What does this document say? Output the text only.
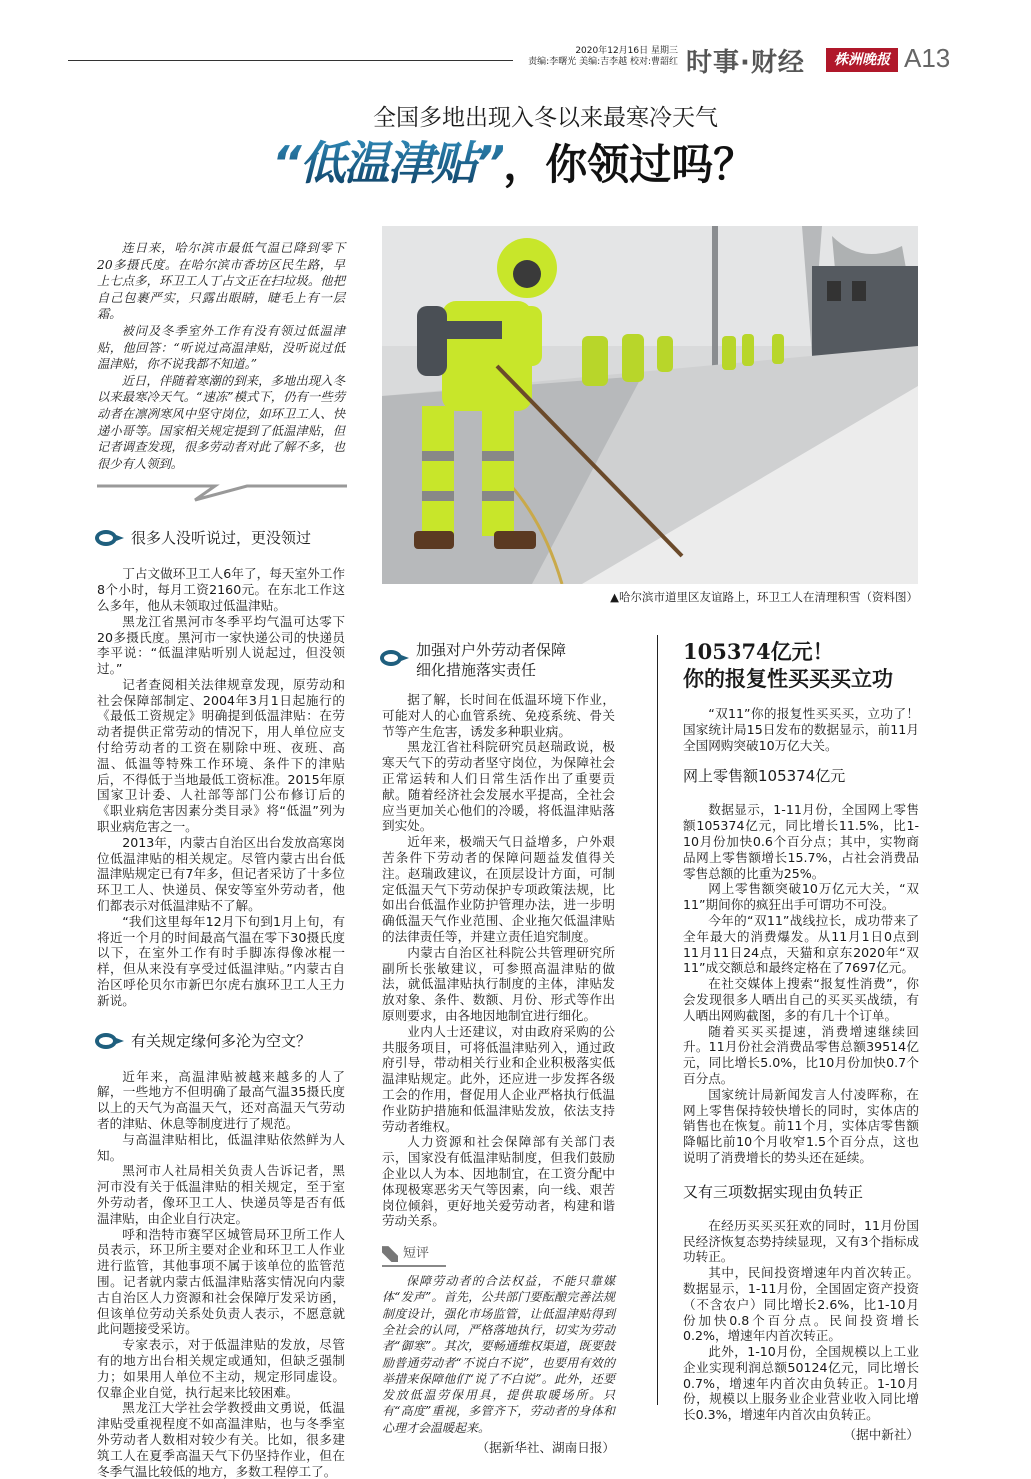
2020年12月16日 星期三
责编:李曙光 美编:吉李越 校对:曹韶红 时事·财经	株洲晚报 A13
全国多地出现入冬以来最寒冷天气
“低温津贴”，你领过吗？

连日来，哈尔滨市最低气温已降到零下20多摄氏度。在哈尔滨市香坊区民生路，早上七点多，环卫工人丁占文正在扫垃圾。他把自己包裹严实，只露出眼睛，睫毛上有一层霜。

被问及冬季室外工作有没有领过低温津贴，他回答：“听说过高温津贴，没听说过低温津贴，你不说我都不知道。”

近日，伴随着寒潮的到来，多地出现入冬以来最寒冷天气。“速冻”模式下，仍有一些劳动者在凛冽寒风中坚守岗位，如环卫工人、快递小哥等。国家相关规定提到了低温津贴，但记者调查发现，很多劳动者对此了解不多，也很少有人领到。

很多人没听说过，更没领过

丁占文做环卫工人6年了，每天室外工作8个小时，每月工资2160元。在东北工作这么多年，他从未领取过低温津贴。

黑龙江省黑河市冬季平均气温可达零下20多摄氏度。黑河市一家快递公司的快递员李平说：“低温津贴听别人说起过，但没领过。”

记者查阅相关法律规章发现，原劳动和社会保障部制定、2004年3月1日起施行的《最低工资规定》明确提到低温津贴：在劳动者提供正常劳动的情况下，用人单位应支付给劳动者的工资在剔除中班、夜班、高温、低温等特殊工作环境、条件下的津贴后，不得低于当地最低工资标准。2015年原国家卫计委、人社部等部门公布修订后的《职业病危害因素分类目录》将“低温”列为职业病危害之一。

2013年，内蒙古自治区出台发放高寒岗位低温津贴的相关规定。尽管内蒙古出台低温津贴规定已有7年多，但记者采访了十多位环卫工人、快递员、保安等室外劳动者，他们都表示对低温津贴不了解。

“我们这里每年12月下旬到1月上旬，有将近一个月的时间最高气温在零下30摄氏度以下，在室外工作有时手脚冻得像冰棍一样，但从来没有享受过低温津贴。”内蒙古自治区呼伦贝尔市新巴尔虎右旗环卫工人王力新说。

有关规定缘何多沦为空文？

近年来，高温津贴被越来越多的人了解，一些地方不但明确了最高气温35摄氏度以上的天气为高温天气，还对高温天气劳动者的津贴、休息等制度进行了规范。

与高温津贴相比，低温津贴依然鲜为人知。

黑河市人社局相关负责人告诉记者，黑河市没有关于低温津贴的相关规定，至于室外劳动者，像环卫工人、快递员等是否有低温津贴，由企业自行决定。

呼和浩特市赛罕区城管局环卫所工作人员表示，环卫所主要对企业和环卫工人作业进行监管，其他事项不属于该单位的监管范围。记者就内蒙古低温津贴落实情况向内蒙古自治区人力资源和社会保障厅发采访函，但该单位劳动关系处负责人表示，不愿意就此问题接受采访。

专家表示，对于低温津贴的发放，尽管有的地方出台相关规定或通知，但缺乏强制力；如果用人单位不主动，规定形同虚设。仅靠企业自觉，执行起来比较困难。

黑龙江大学社会学教授曲文勇说，低温津贴受重视程度不如高温津贴，也与冬季室外劳动者人数相对较少有关。比如，很多建筑工人在夏季高温天气下仍坚持作业，但在冬季气温比较低的地方，多数工程停工了。

▲哈尔滨市道里区友谊路上，环卫工人在清理积雪（资料图）
加强对户外劳动者保障
细化措施落实责任

据了解，长时间在低温环境下作业，可能对人的心血管系统、免疫系统、骨关节等产生危害，诱发多种职业病。

黑龙江省社科院研究员赵瑞政说，极寒天气下的劳动者坚守岗位，为保障社会正常运转和人们日常生活作出了重要贡献。随着经济社会发展水平提高，全社会应当更加关心他们的冷暖，将低温津贴落到实处。

近年来，极端天气日益增多，户外艰苦条件下劳动者的保障问题益发值得关注。赵瑞政建议，在顶层设计方面，可制定低温天气下劳动保护专项政策法规，比如出台低温作业防护管理办法，进一步明确低温天气作业范围、企业拖欠低温津贴的法律责任等，并建立责任追究制度。

内蒙古自治区社科院公共管理研究所副所长张敏建议，可参照高温津贴的做法，就低温津贴执行制度的主体，津贴发放对象、条件、数额、月份、形式等作出原则要求，由各地因地制宜进行细化。

业内人士还建议，对由政府采购的公共服务项目，可将低温津贴列入，通过政府引导，带动相关行业和企业积极落实低温津贴规定。此外，还应进一步发挥各级工会的作用，督促用人企业严格执行低温作业防护措施和低温津贴发放，依法支持劳动者维权。

人力资源和社会保障部有关部门表示，国家没有低温津贴制度，但我们鼓励企业以人为本、因地制宜，在工资分配中体现极寒恶劣天气等因素，向一线、艰苦岗位倾斜，更好地关爱劳动者，构建和谐劳动关系。

短评

保障劳动者的合法权益，不能只靠媒体“发声”。首先，公共部门要酝酿完善法规制度设计，强化市场监管，让低温津贴得到全社会的认同，严格落地执行，切实为劳动者“御寒”。其次，要畅通维权渠道，既要鼓励普通劳动者“不说白不说”，也要用有效的举措来保障他们“说了不白说”。此外，还要发放低温劳保用具，提供取暖场所。只有“高度”重视，多管齐下，劳动者的身体和心理才会温暖起来。

（据新华社、湖南日报）
105374亿元！
你的报复性买买买立功

“双11”你的报复性买买买，立功了！国家统计局15日发布的数据显示，前11月全国网购突破10万亿大关。

网上零售额105374亿元

数据显示，1-11月份，全国网上零售额105374亿元，同比增长11.5%，比1-10月份加快0.6个百分点；其中，实物商品网上零售额增长15.7%，占社会消费品零售总额的比重为25%。

网上零售额突破10万亿元大关，“双11”期间你的疯狂出手可谓功不可没。

今年的“双11”战线拉长，成功带来了全年最大的消费爆发。从11月1日0点到11月11日24点，天猫和京东2020年“双11”成交额总和最终定格在了7697亿元。

在社交媒体上搜索“报复性消费”，你会发现很多人晒出自己的买买买战绩，有人晒出网购截图，多的有几十个订单。

随着买买买提速，消费增速继续回升。11月份社会消费品零售总额39514亿元，同比增长5.0%，比10月份加快0.7个百分点。

国家统计局新闻发言人付凌晖称，在网上零售保持较快增长的同时，实体店的销售也在恢复。前11个月，实体店零售额降幅比前10个月收窄1.5个百分点，这也说明了消费增长的势头还在延续。

又有三项数据实现由负转正

在经历买买买狂欢的同时，11月份国民经济恢复态势持续显现，又有3个指标成功转正。

其中，民间投资增速年内首次转正。数据显示，1-11月份，全国固定资产投资（不含农户）同比增长2.6%，比1-10月份加快0.8个百分点。民间投资增长0.2%，增速年内首次转正。

此外，1-10月份，全国规模以上工业企业实现利润总额50124亿元，同比增长0.7%，增速年内首次由负转正。1-10月份，规模以上服务业企业营业收入同比增长0.3%，增速年内首次由负转正。

（据中新社）
